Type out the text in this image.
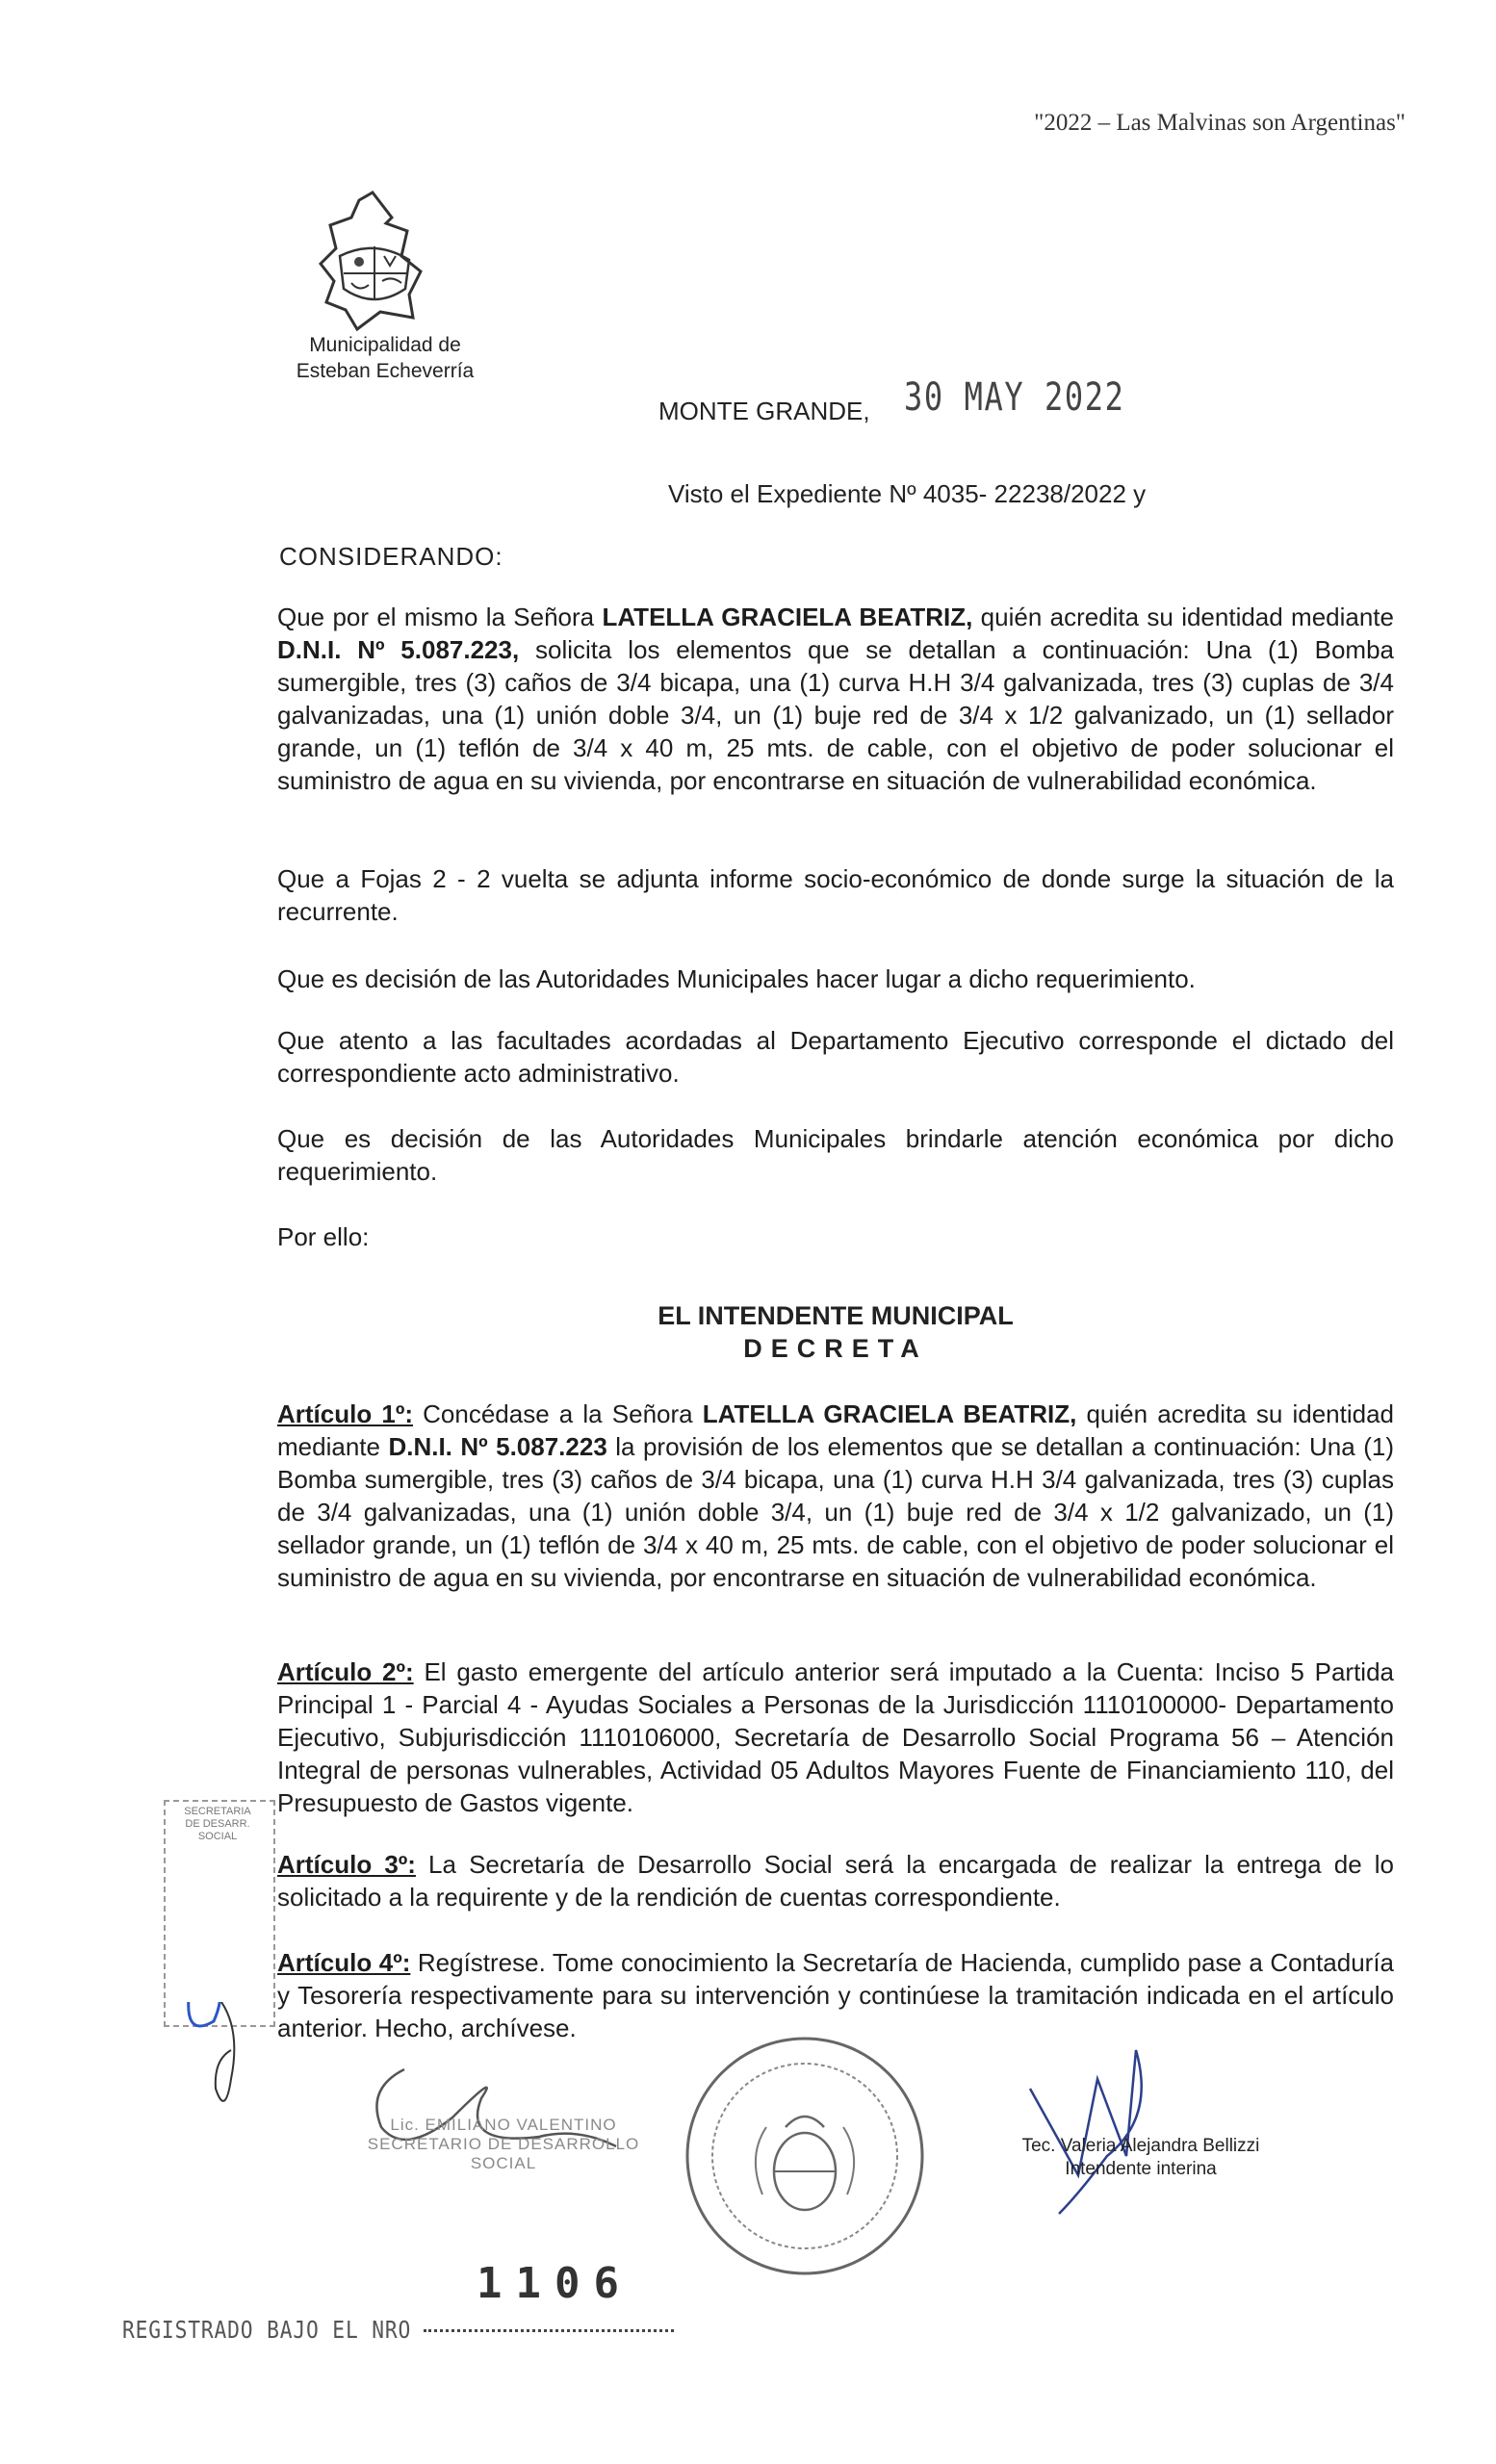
"2022 – Las Malvinas son Argentinas"
Municipalidad de
Esteban Echeverría
MONTE GRANDE, 30 MAY 2022
Visto el Expediente Nº 4035- 22238/2022 y
CONSIDERANDO:
Que por el mismo la Señora LATELLA GRACIELA BEATRIZ, quién acredita su identidad mediante D.N.I. Nº 5.087.223, solicita los elementos que se detallan a continuación: Una (1) Bomba sumergible, tres (3) caños de 3/4 bicapa, una (1) curva H.H 3/4 galvanizada, tres (3) cuplas de 3/4 galvanizadas, una (1) unión doble 3/4, un (1) buje red de 3/4 x 1/2 galvanizado, un (1) sellador grande, un (1) teflón de 3/4 x 40 m, 25 mts. de cable, con el objetivo de poder solucionar el suministro de agua en su vivienda, por encontrarse en situación de vulnerabilidad económica.
Que a Fojas 2 - 2 vuelta se adjunta informe socio-económico de donde surge la situación de la recurrente.
Que es decisión de las Autoridades Municipales hacer lugar a dicho requerimiento.
Que atento a las facultades acordadas al Departamento Ejecutivo corresponde el dictado del correspondiente acto administrativo.
Que es decisión de las Autoridades Municipales brindarle atención económica por dicho requerimiento.
Por ello:
EL INTENDENTE MUNICIPAL
DECRETA
Artículo 1º: Concédase a la Señora LATELLA GRACIELA BEATRIZ, quién acredita su identidad mediante D.N.I. Nº 5.087.223 la provisión de los elementos que se detallan a continuación: Una (1) Bomba sumergible, tres (3) caños de 3/4 bicapa, una (1) curva H.H 3/4 galvanizada, tres (3) cuplas de 3/4 galvanizadas, una (1) unión doble 3/4, un (1) buje red de 3/4 x 1/2 galvanizado, un (1) sellador grande, un (1) teflón de 3/4 x 40 m, 25 mts. de cable, con el objetivo de poder solucionar el suministro de agua en su vivienda, por encontrarse en situación de vulnerabilidad económica.
Artículo 2º: El gasto emergente del artículo anterior será imputado a la Cuenta: Inciso 5 Partida Principal 1 - Parcial 4 - Ayudas Sociales a Personas de la Jurisdicción 1110100000- Departamento Ejecutivo, Subjurisdicción 1110106000, Secretaría de Desarrollo Social Programa 56 – Atención Integral de personas vulnerables, Actividad 05 Adultos Mayores Fuente de Financiamiento 110, del Presupuesto de Gastos vigente.
Artículo 3º: La Secretaría de Desarrollo Social será la encargada de realizar la entrega de lo solicitado a la requirente y de la rendición de cuentas correspondiente.
Artículo 4º: Regístrese. Tome conocimiento la Secretaría de Hacienda, cumplido pase a Contaduría y Tesorería respectivamente para su intervención y continúese la tramitación indicada en el artículo anterior. Hecho, archívese.
SECRETARIA
DE DESARR.
SOCIAL
Lic. EMILIANO VALENTINO
SECRETARIO DE DESARROLLO
SOCIAL
Tec. Valeria Alejandra Bellizzi
Intendente interina
1106
REGISTRADO BAJO EL NRO
